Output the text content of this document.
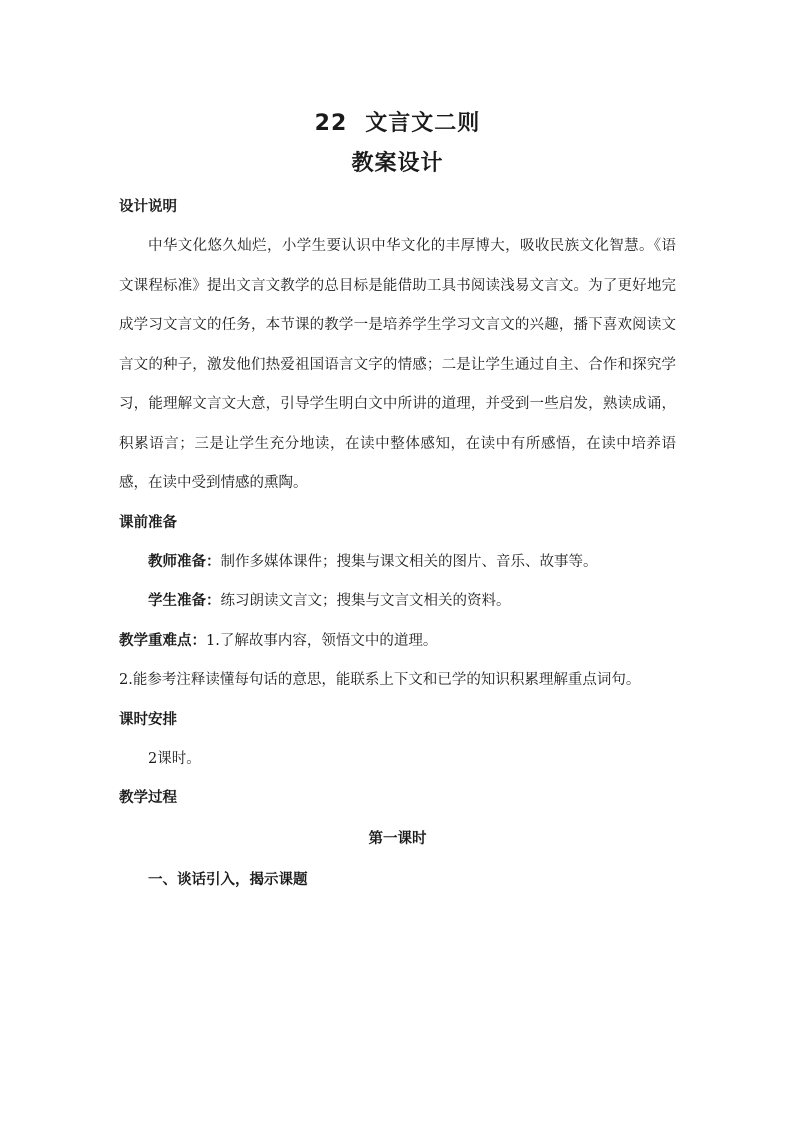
22 文言文二则
教案设计

设计说明

中华文化悠久灿烂，小学生要认识中华文化的丰厚博大，吸收民族文化智慧。《语文课程标准》提出文言文教学的总目标是能借助工具书阅读浅易文言文。为了更好地完成学习文言文的任务，本节课的教学一是培养学生学习文言文的兴趣，播下喜欢阅读文言文的种子，激发他们热爱祖国语言文字的情感；二是让学生通过自主、合作和探究学习，能理解文言文大意，引导学生明白文中所讲的道理，并受到一些启发，熟读成诵，积累语言；三是让学生充分地读，在读中整体感知，在读中有所感悟，在读中培养语感，在读中受到情感的熏陶。

课前准备

教师准备：制作多媒体课件；搜集与课文相关的图片、音乐、故事等。

学生准备：练习朗读文言文；搜集与文言文相关的资料。

教学重难点：1.了解故事内容，领悟文中的道理。

2.能参考注释读懂每句话的意思，能联系上下文和已学的知识积累理解重点词句。

课时安排

2课时。

教学过程

第一课时

一、谈话引入，揭示课题
